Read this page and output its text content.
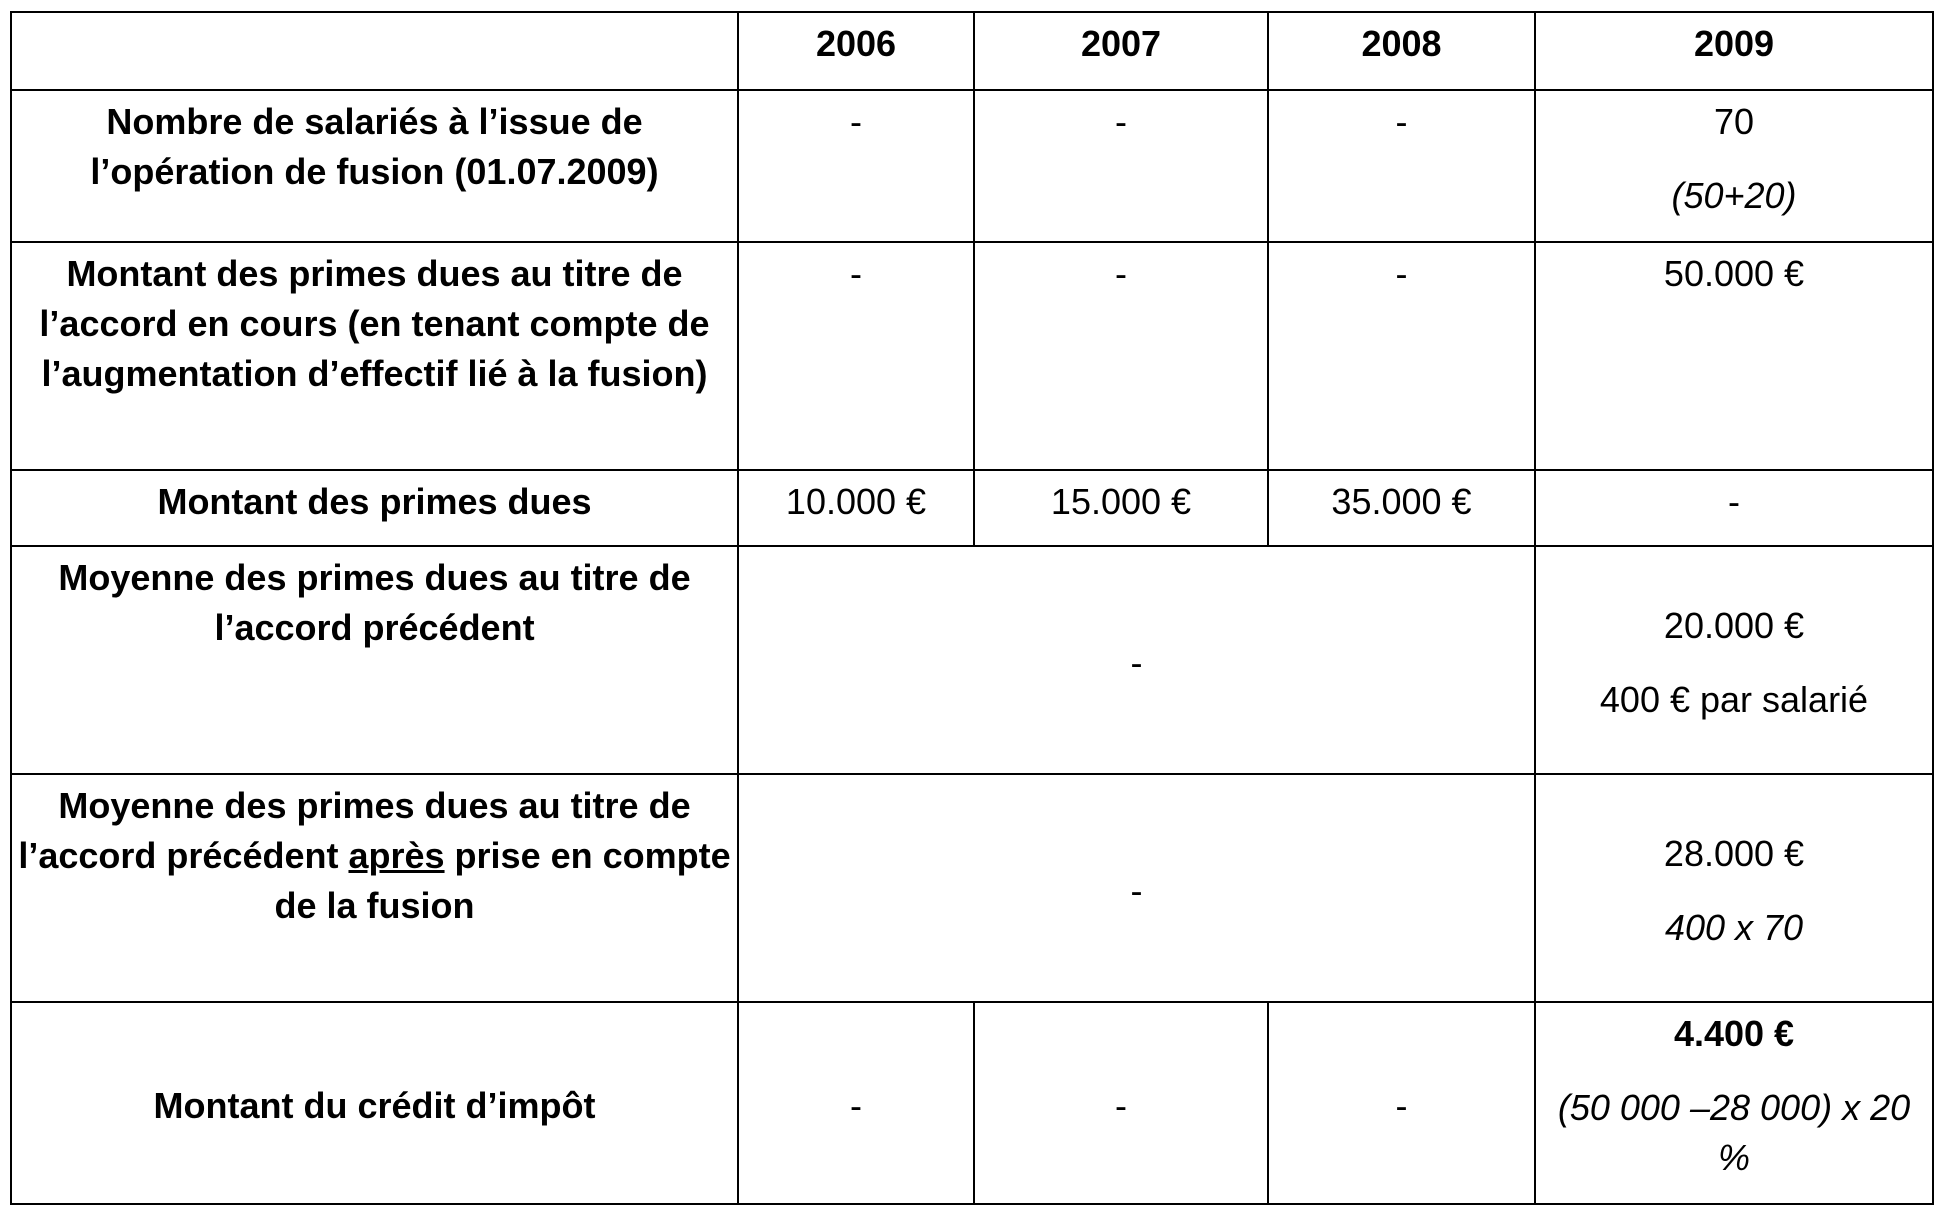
	2006	2007	2008	2009
Nombre de salariés à l’issue de l’opération de fusion (01.07.2009)	-	-	-	70
(50+20)

Montant des primes dues au titre de l’accord en cours (en tenant compte de l’augmentation d’effectif lié à la fusion)	-	-	-	50.000 €
Montant des primes dues	10.000 €	15.000 €	35.000 €	-
Moyenne des primes dues au titre de l’accord précédent	-			20.000 €
400 € par salarié

Moyenne des primes dues au titre de l’accord précédent après prise en compte de la fusion	-			28.000 €
400 x 70

Montant du crédit d’impôt	-	-	-	4.400 €
(50 000 –28 000) x 20 %
